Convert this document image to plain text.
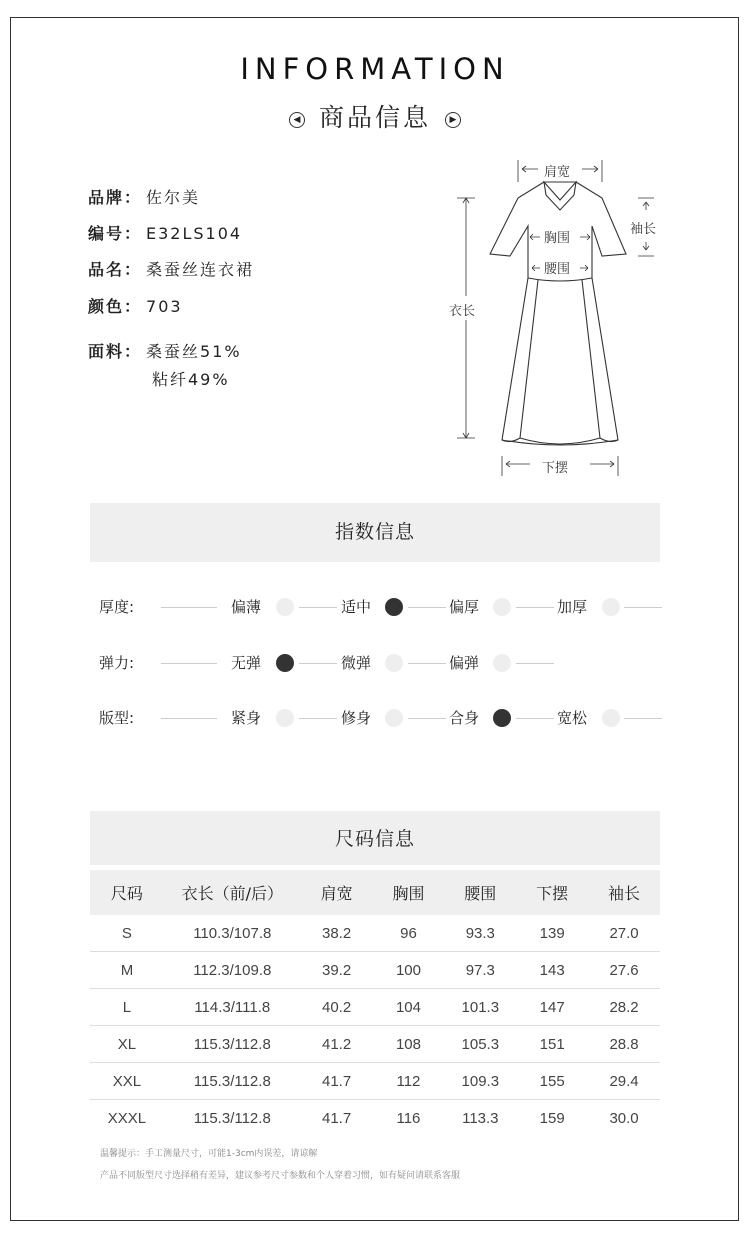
INFORMATION
◀ 商品信息 ▶
品牌： 佐尔美
编号： E32LS104
品名： 桑蚕丝连衣裙
颜色： 703
面料： 桑蚕丝51%
粘纤49%
肩宽
袖长
胸围
腰围
衣长
下摆
指数信息
厚度:	偏薄	适中	偏厚	加厚
弹力:	无弹	微弹	偏弹
版型:	紧身	修身	合身	宽松
尺码信息
尺码	衣长（前/后）	肩宽	胸围	腰围	下摆	袖长
S	110.3/107.8	38.2	96	93.3	139	27.0
M	112.3/109.8	39.2	100	97.3	143	27.6
L	114.3/111.8	40.2	104	101.3	147	28.2
XL	115.3/112.8	41.2	108	105.3	151	28.8
XXL	115.3/112.8	41.7	112	109.3	155	29.4
XXXL	115.3/112.8	41.7	116	113.3	159	30.0
温馨提示：手工测量尺寸，可能1-3cm内误差，请谅解
产品不同版型尺寸选择稍有差异，建议参考尺寸参数和个人穿着习惯，如有疑问请联系客服
